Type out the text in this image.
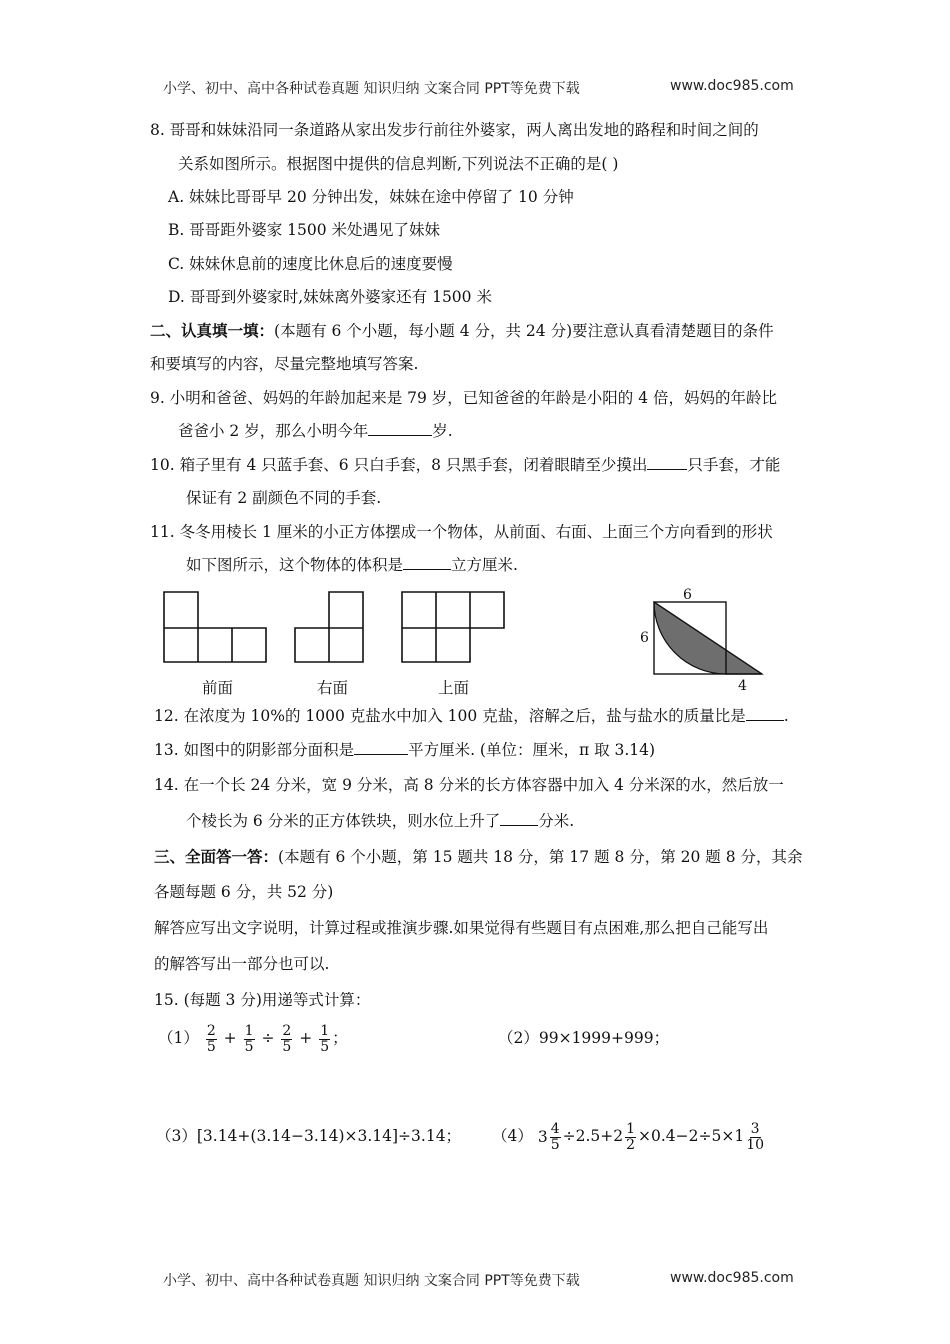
小学、初中、高中各种试卷真题 知识归纳 文案合同 PPT等免费下载	www.doc985.com
8. 哥哥和妹妹沿同一条道路从家出发步行前往外婆家，两人离出发地的路程和时间之间的
关系如图所示。根据图中提供的信息判断,下列说法不正确的是( )
A. 妹妹比哥哥早 20 分钟出发，妹妹在途中停留了 10 分钟
B. 哥哥距外婆家 1500 米处遇见了妹妹
C. 妹妹休息前的速度比休息后的速度要慢
D. 哥哥到外婆家时,妹妹离外婆家还有 1500 米
二、认真填一填：(本题有 6 个小题，每小题 4 分，共 24 分)要注意认真看清楚题目的条件
和要填写的内容，尽量完整地填写答案.
9. 小明和爸爸、妈妈的年龄加起来是 79 岁，已知爸爸的年龄是小阳的 4 倍，妈妈的年龄比
爸爸小 2 岁，那么小明今年	岁.
10. 箱子里有 4 只蓝手套、6 只白手套，8 只黑手套，闭着眼睛至少摸出	只手套，才能
保证有 2 副颜色不同的手套.
11. 冬冬用棱长 1 厘米的小正方体摆成一个物体，从前面、右面、上面三个方向看到的形状
如下图所示，这个物体的体积是	立方厘米.
前面	右面	上面
6
6
4
12. 在浓度为 10%的 1000 克盐水中加入 100 克盐，溶解之后，盐与盐水的质量比是 .
13. 如图中的阴影部分面积是	平方厘米. (单位：厘米，π 取 3.14)
14. 在一个长 24 分米，宽 9 分米，高 8 分米的长方体容器中加入 4 分米深的水，然后放一
个棱长为 6 分米的正方体铁块，则水位上升了 分米.
三、全面答一答：(本题有 6 个小题，第 15 题共 18 分，第 17 题 8 分，第 20 题 8 分，其余
各题每题 6 分，共 52 分)
解答应写出文字说明，计算过程或推演步骤.如果觉得有些题目有点困难,那么把自己能写出
的解答写出一部分也可以.
15. (每题 3 分)用递等式计算：
$(1) \frac{2}{5} + \frac{1}{5} \div \frac{2}{5} + \frac{1}{5}$ ；	（2）99×1999+999；
（3）[3.14+(3.14−3.14)×3.14]÷3.14； （4） $3 \frac{4}{5} \div 2.5+2 \frac{1}{2} \times 0.4-2\div 5\times 1 \frac{3}{10}$
小学、初中、高中各种试卷真题 知识归纳 文案合同 PPT等免费下载	www.doc985.com
